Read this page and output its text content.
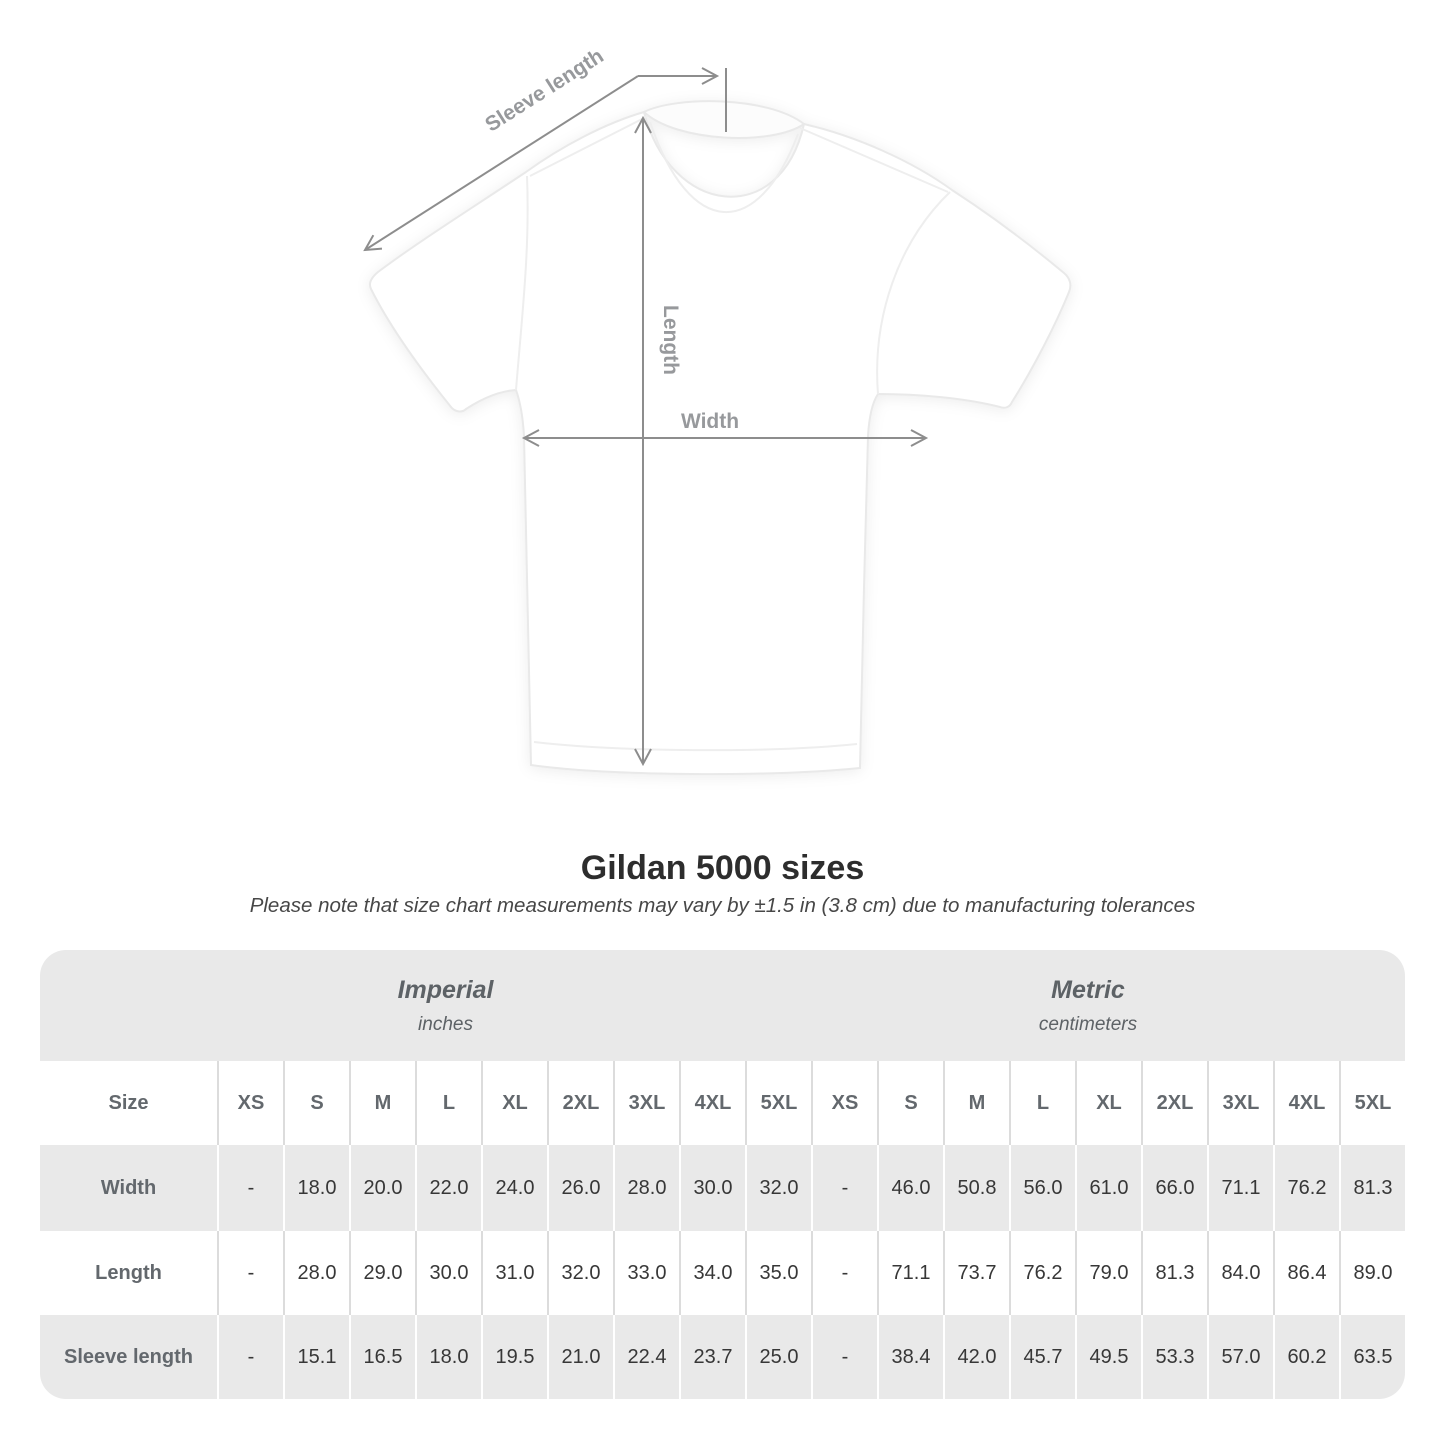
Sleeve length
Length
Width
Gildan 5000 sizes

Please note that size chart measurements may vary by ±1.5 in (3.8 cm) due to manufacturing tolerances

Imperial
inches
Metric
centimeters
Size	XS	S	M	L	XL	2XL	3XL	4XL	5XL	XS	S	M	L	XL	2XL	3XL	4XL	5XL
Width	-	18.0	20.0	22.0	24.0	26.0	28.0	30.0	32.0	-	46.0	50.8	56.0	61.0	66.0	71.1	76.2	81.3
Length	-	28.0	29.0	30.0	31.0	32.0	33.0	34.0	35.0	-	71.1	73.7	76.2	79.0	81.3	84.0	86.4	89.0
Sleeve length	-	15.1	16.5	18.0	19.5	21.0	22.4	23.7	25.0	-	38.4	42.0	45.7	49.5	53.3	57.0	60.2	63.5
